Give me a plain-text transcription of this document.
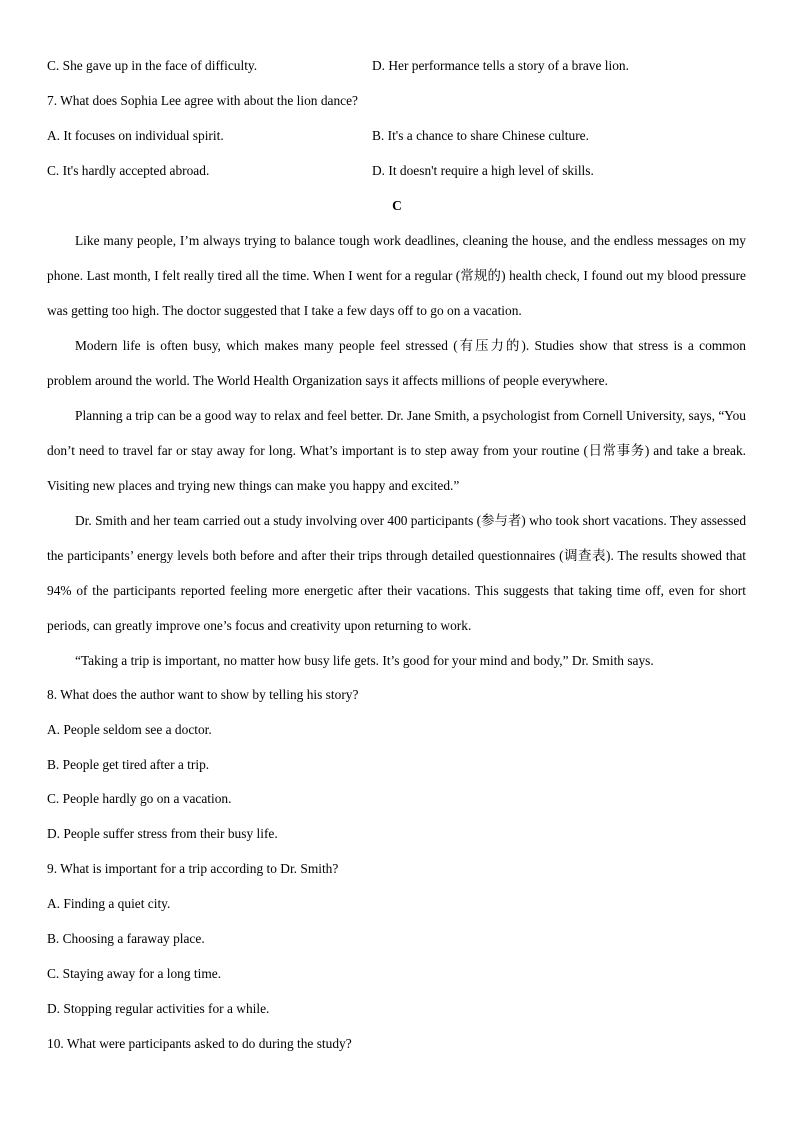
C. She gave up in the face of difficulty.	D. Her performance tells a story of a brave lion.
7. What does Sophia Lee agree with about the lion dance?
A. It focuses on individual spirit.	B. It's a chance to share Chinese culture.
C. It's hardly accepted abroad.	D. It doesn't require a high level of skills.
C
Like many people, I’m always trying to balance tough work deadlines, cleaning the house, and the endless messages on my phone. Last month, I felt really tired all the time. When I went for a regular (常规的) health check, I found out my blood pressure was getting too high. The doctor suggested that I take a few days off to go on a vacation.
Modern life is often busy, which makes many people feel stressed (有压力的). Studies show that stress is a common problem around the world. The World Health Organization says it affects millions of people everywhere.
Planning a trip can be a good way to relax and feel better. Dr. Jane Smith, a psychologist from Cornell University, says, “You don’t need to travel far or stay away for long. What’s important is to step away from your routine (日常事务) and take a break. Visiting new places and trying new things can make you happy and excited.”
Dr. Smith and her team carried out a study involving over 400 participants (参与者) who took short vacations. They assessed the participants’ energy levels both before and after their trips through detailed questionnaires (调查表). The results showed that 94% of the participants reported feeling more energetic after their vacations. This suggests that taking time off, even for short periods, can greatly improve one’s focus and creativity upon returning to work.
“Taking a trip is important, no matter how busy life gets. It’s good for your mind and body,” Dr. Smith says.
8. What does the author want to show by telling his story?
A. People seldom see a doctor.
B. People get tired after a trip.
C. People hardly go on a vacation.
D. People suffer stress from their busy life.
9. What is important for a trip according to Dr. Smith?
A. Finding a quiet city.
B. Choosing a faraway place.
C. Staying away for a long time.
D. Stopping regular activities for a while.
10. What were participants asked to do during the study?
